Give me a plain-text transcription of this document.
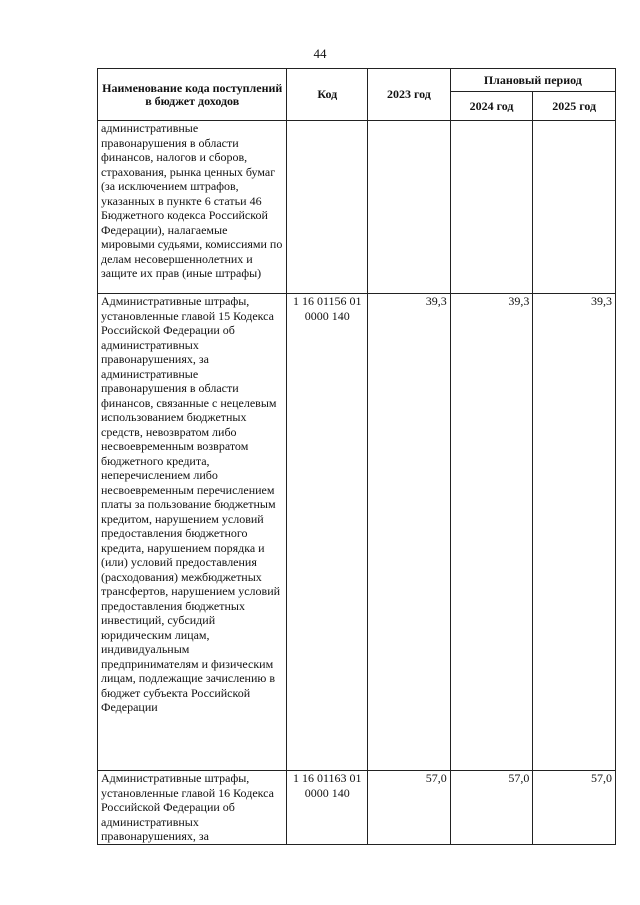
44
Наименование кода поступлений в бюджет доходов	Код	2023 год	Плановый период	
			2024 год	2025 год
административные правонарушения в области финансов, налогов и сборов, страхования, рынка ценных бумаг (за исключением штрафов, указанных в пункте 6 статьи 46 Бюджетного кодекса Российской Федерации), налагаемые мировыми судьями, комиссиями по делам несовершеннолетних и защите их прав (иные штрафы)				
Административные штрафы, установленные главой 15 Кодекса Российской Федерации об административных правонарушениях, за административные правонарушения в области финансов, связанные с нецелевым использованием бюджетных средств, невозвратом либо несвоевременным возвратом бюджетного кредита, неперечислением либо несвоевременным перечислением платы за пользование бюджетным кредитом, нарушением условий предоставления бюджетного кредита, нарушением порядка и (или) условий предоставления (расходования) межбюджетных трансфертов, нарушением условий предоставления бюджетных инвестиций, субсидий юридическим лицам, индивидуальным предпринимателям и физическим лицам, подлежащие зачислению в бюджет субъекта Российской Федерации	1 16 01156 01 0000 140	39,3	39,3	39,3
Административные штрафы, установленные главой 16 Кодекса Российской Федерации об административных правонарушениях, за	1 16 01163 01 0000 140	57,0	57,0	57,0
